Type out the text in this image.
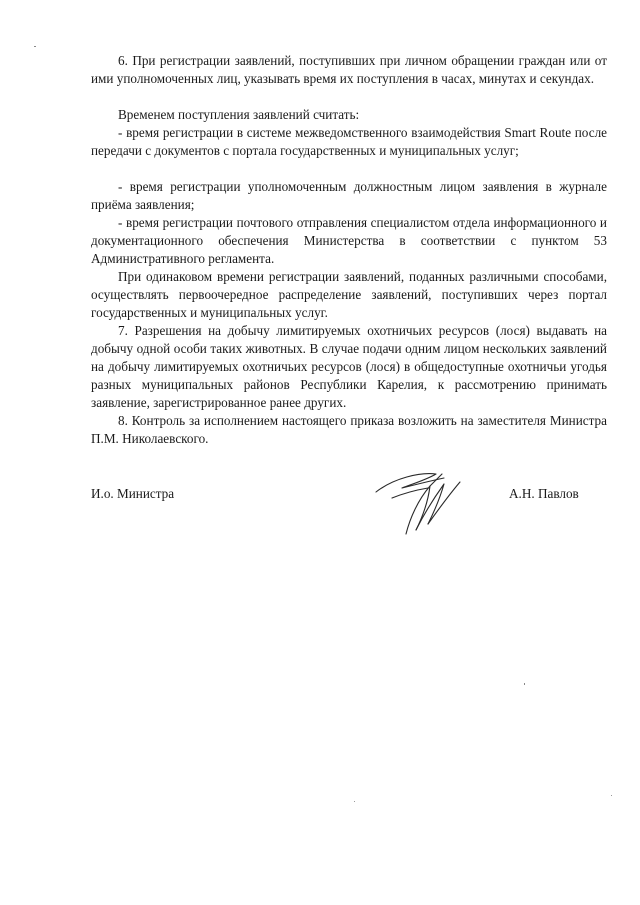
6. При регистрации заявлений, поступивших при личном обращении граждан или от ими уполномоченных лиц, указывать время их поступления в часах, минутах и секундах.

Временем поступления заявлений считать:

- время регистрации в системе межведомственного взаимодействия Smart Route после передачи с документов с портала государственных и муниципальных услуг;

- время регистрации уполномоченным должностным лицом заявления в журнале приёма заявления;

- время регистрации почтового отправления специалистом отдела информационного и документационного обеспечения Министерства в соответствии с пунктом 53 Административного регламента.

При одинаковом времени регистрации заявлений, поданных различными способами, осуществлять первоочередное распределение заявлений, поступивших через портал государственных и муниципальных услуг.

7. Разрешения на добычу лимитируемых охотничьих ресурсов (лося) выдавать на добычу одной особи таких животных. В случае подачи одним лицом нескольких заявлений на добычу лимитируемых охотничьих ресурсов (лося) в общедоступные охотничьи угодья разных муниципальных районов Республики Карелия, к рассмотрению принимать заявление, зарегистрированное ранее других.

8. Контроль за исполнением настоящего приказа возложить на заместителя Министра П.М. Николаевского.

И.о. Министра	А.Н. Павлов
